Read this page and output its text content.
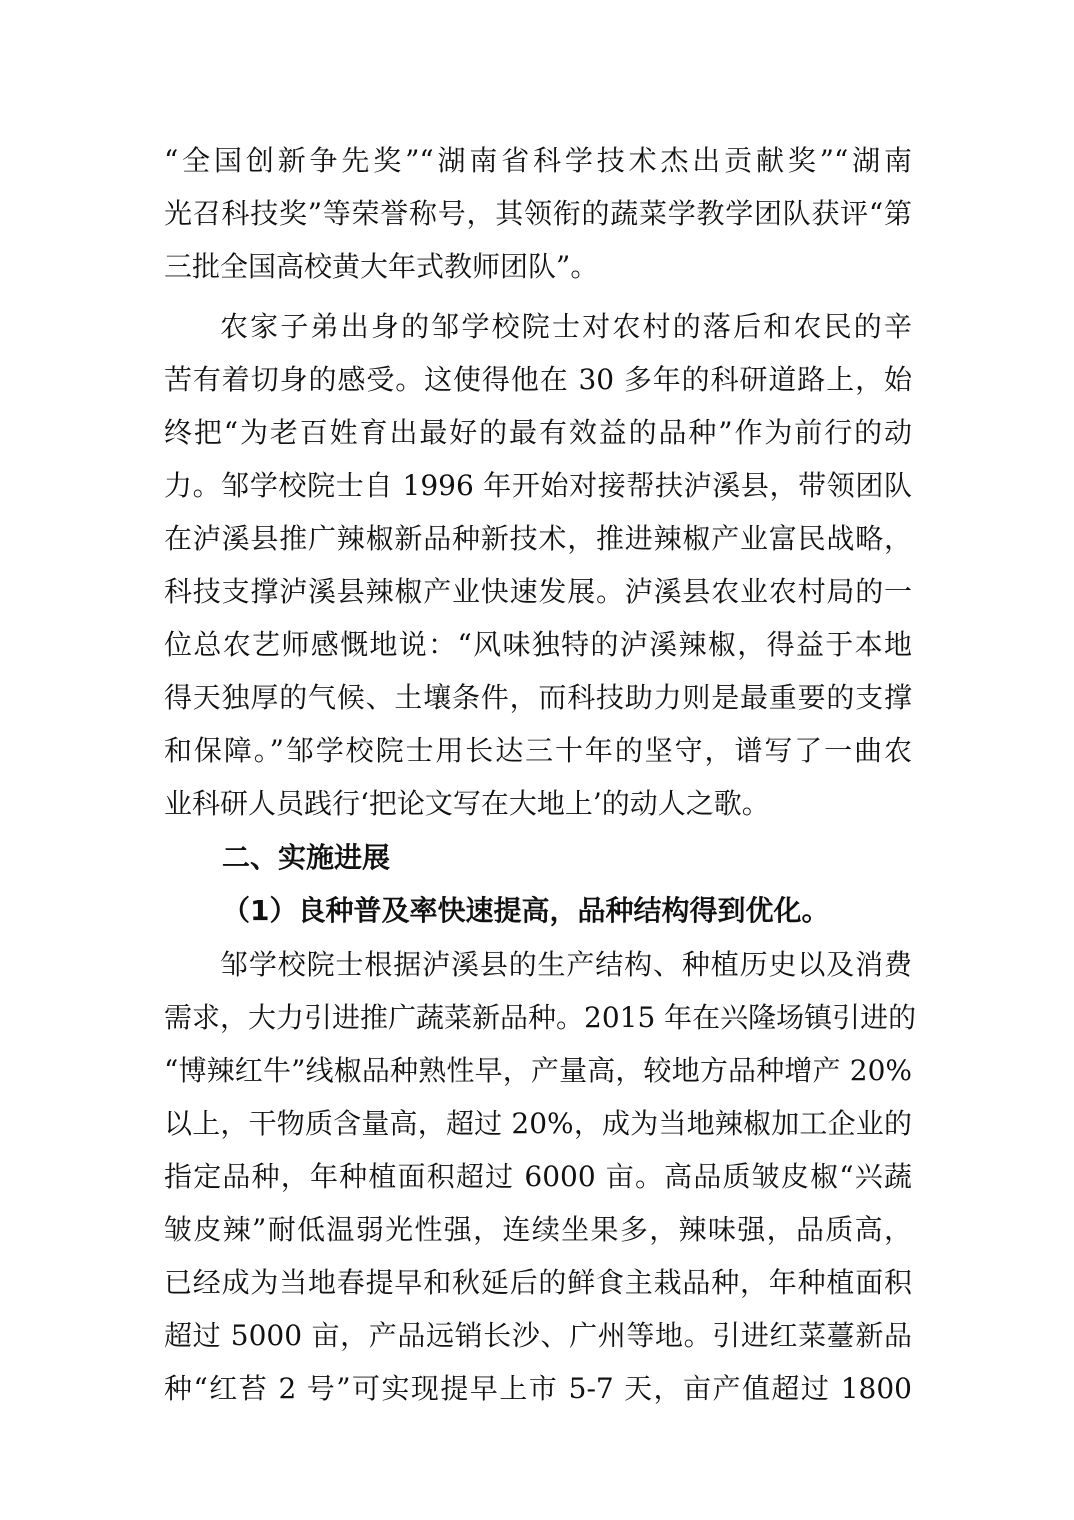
“全国创新争先奖”“湖南省科学技术杰出贡献奖”“湖南
光召科技奖”等荣誉称号，其领衔的蔬菜学教学团队获评“第
三批全国高校黄大年式教师团队”。
农家子弟出身的邹学校院士对农村的落后和农民的辛
苦有着切身的感受。这使得他在 30 多年的科研道路上，始
终把“为老百姓育出最好的最有效益的品种”作为前行的动
力。邹学校院士自 1996 年开始对接帮扶泸溪县，带领团队
在泸溪县推广辣椒新品种新技术，推进辣椒产业富民战略，
科技支撑泸溪县辣椒产业快速发展。泸溪县农业农村局的一
位总农艺师感慨地说：“风味独特的泸溪辣椒，得益于本地
得天独厚的气候、土壤条件，而科技助力则是最重要的支撑
和保障。”邹学校院士用长达三十年的坚守，谱写了一曲农
业科研人员践行‘把论文写在大地上’的动人之歌。
二、实施进展
（1）良种普及率快速提高，品种结构得到优化。
邹学校院士根据泸溪县的生产结构、种植历史以及消费
需求，大力引进推广蔬菜新品种。2015 年在兴隆场镇引进的
“博辣红牛”线椒品种熟性早，产量高，较地方品种增产 20%
以上，干物质含量高，超过 20%，成为当地辣椒加工企业的
指定品种，年种植面积超过 6000 亩。高品质皱皮椒“兴蔬
皱皮辣”耐低温弱光性强，连续坐果多，辣味强，品质高，
已经成为当地春提早和秋延后的鲜食主栽品种，年种植面积
超过 5000 亩，产品远销长沙、广州等地。引进红菜薹新品
种“红苔 2 号”可实现提早上市 5-7 天，亩产值超过 1800
